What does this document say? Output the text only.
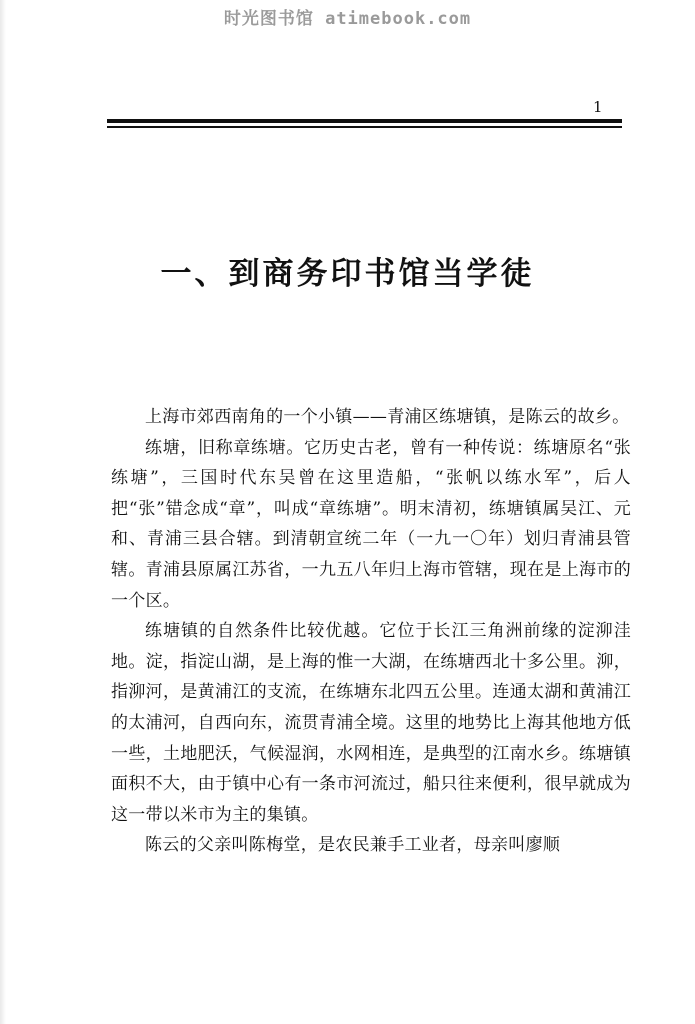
时光图书馆 atimebook.com
1
一、到商务印书馆当学徒

上海市郊西南角的一个小镇——青浦区练塘镇，是陈云的故乡。

练塘，旧称章练塘。它历史古老，曾有一种传说：练塘原名“张练塘”，三国时代东吴曾在这里造船，“张帆以练水军”，后人把“张”错念成“章”，叫成“章练塘”。明末清初，练塘镇属吴江、元和、青浦三县合辖。到清朝宣统二年（一九一〇年）划归青浦县管辖。青浦县原属江苏省，一九五八年归上海市管辖，现在是上海市的一个区。

练塘镇的自然条件比较优越。它位于长江三角洲前缘的淀泖洼地。淀，指淀山湖，是上海的惟一大湖，在练塘西北十多公里。泖，指泖河，是黄浦江的支流，在练塘东北四五公里。连通太湖和黄浦江的太浦河，自西向东，流贯青浦全境。这里的地势比上海其他地方低一些，土地肥沃，气候湿润，水网相连，是典型的江南水乡。练塘镇面积不大，由于镇中心有一条市河流过，船只往来便利，很早就成为这一带以米市为主的集镇。

陈云的父亲叫陈梅堂，是农民兼手工业者，母亲叫廖顺
